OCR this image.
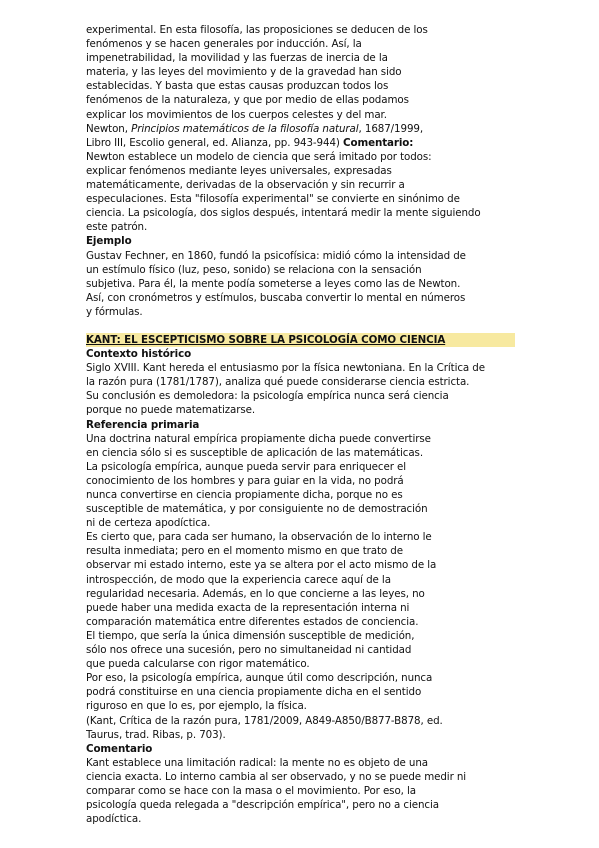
experimental. En esta filosofía, las proposiciones se deducen de los
fenómenos y se hacen generales por inducción. Así, la
impenetrabilidad, la movilidad y las fuerzas de inercia de la
materia, y las leyes del movimiento y de la gravedad han sido
establecidas. Y basta que estas causas produzcan todos los
fenómenos de la naturaleza, y que por medio de ellas podamos
explicar los movimientos de los cuerpos celestes y del mar.
Newton, Principios matemáticos de la filosofía natural, 1687/1999,
Libro III, Escolio general, ed. Alianza, pp. 943-944) Comentario:
Newton establece un modelo de ciencia que será imitado por todos:
explicar fenómenos mediante leyes universales, expresadas
matemáticamente, derivadas de la observación y sin recurrir a
especulaciones. Esta "filosofía experimental" se convierte en sinónimo de
ciencia. La psicología, dos siglos después, intentará medir la mente siguiendo
este patrón.
Ejemplo
Gustav Fechner, en 1860, fundó la psicofísica: midió cómo la intensidad de
un estímulo físico (luz, peso, sonido) se relaciona con la sensación
subjetiva. Para él, la mente podía someterse a leyes como las de Newton.
Así, con cronómetros y estímulos, buscaba convertir lo mental en números
y fórmulas.
KANT: EL ESCEPTICISMO SOBRE LA PSICOLOGÍA COMO CIENCIA
Contexto histórico
Siglo XVIII. Kant hereda el entusiasmo por la física newtoniana. En la Crítica de
la razón pura (1781/1787), analiza qué puede considerarse ciencia estricta.
Su conclusión es demoledora: la psicología empírica nunca será ciencia
porque no puede matematizarse.
Referencia primaria
Una doctrina natural empírica propiamente dicha puede convertirse
en ciencia sólo si es susceptible de aplicación de las matemáticas.
La psicología empírica, aunque pueda servir para enriquecer el
conocimiento de los hombres y para guiar en la vida, no podrá
nunca convertirse en ciencia propiamente dicha, porque no es
susceptible de matemática, y por consiguiente no de demostración
ni de certeza apodíctica.
Es cierto que, para cada ser humano, la observación de lo interno le
resulta inmediata; pero en el momento mismo en que trato de
observar mi estado interno, este ya se altera por el acto mismo de la
introspección, de modo que la experiencia carece aquí de la
regularidad necesaria. Además, en lo que concierne a las leyes, no
puede haber una medida exacta de la representación interna ni
comparación matemática entre diferentes estados de conciencia.
El tiempo, que sería la única dimensión susceptible de medición,
sólo nos ofrece una sucesión, pero no simultaneidad ni cantidad
que pueda calcularse con rigor matemático.
Por eso, la psicología empírica, aunque útil como descripción, nunca
podrá constituirse en una ciencia propiamente dicha en el sentido
riguroso en que lo es, por ejemplo, la física.
(Kant, Crítica de la razón pura, 1781/2009, A849-A850/B877-B878, ed.
Taurus, trad. Ribas, p. 703).
Comentario
Kant establece una limitación radical: la mente no es objeto de una
ciencia exacta. Lo interno cambia al ser observado, y no se puede medir ni
comparar como se hace con la masa o el movimiento. Por eso, la
psicología queda relegada a "descripción empírica", pero no a ciencia
apodíctica.
